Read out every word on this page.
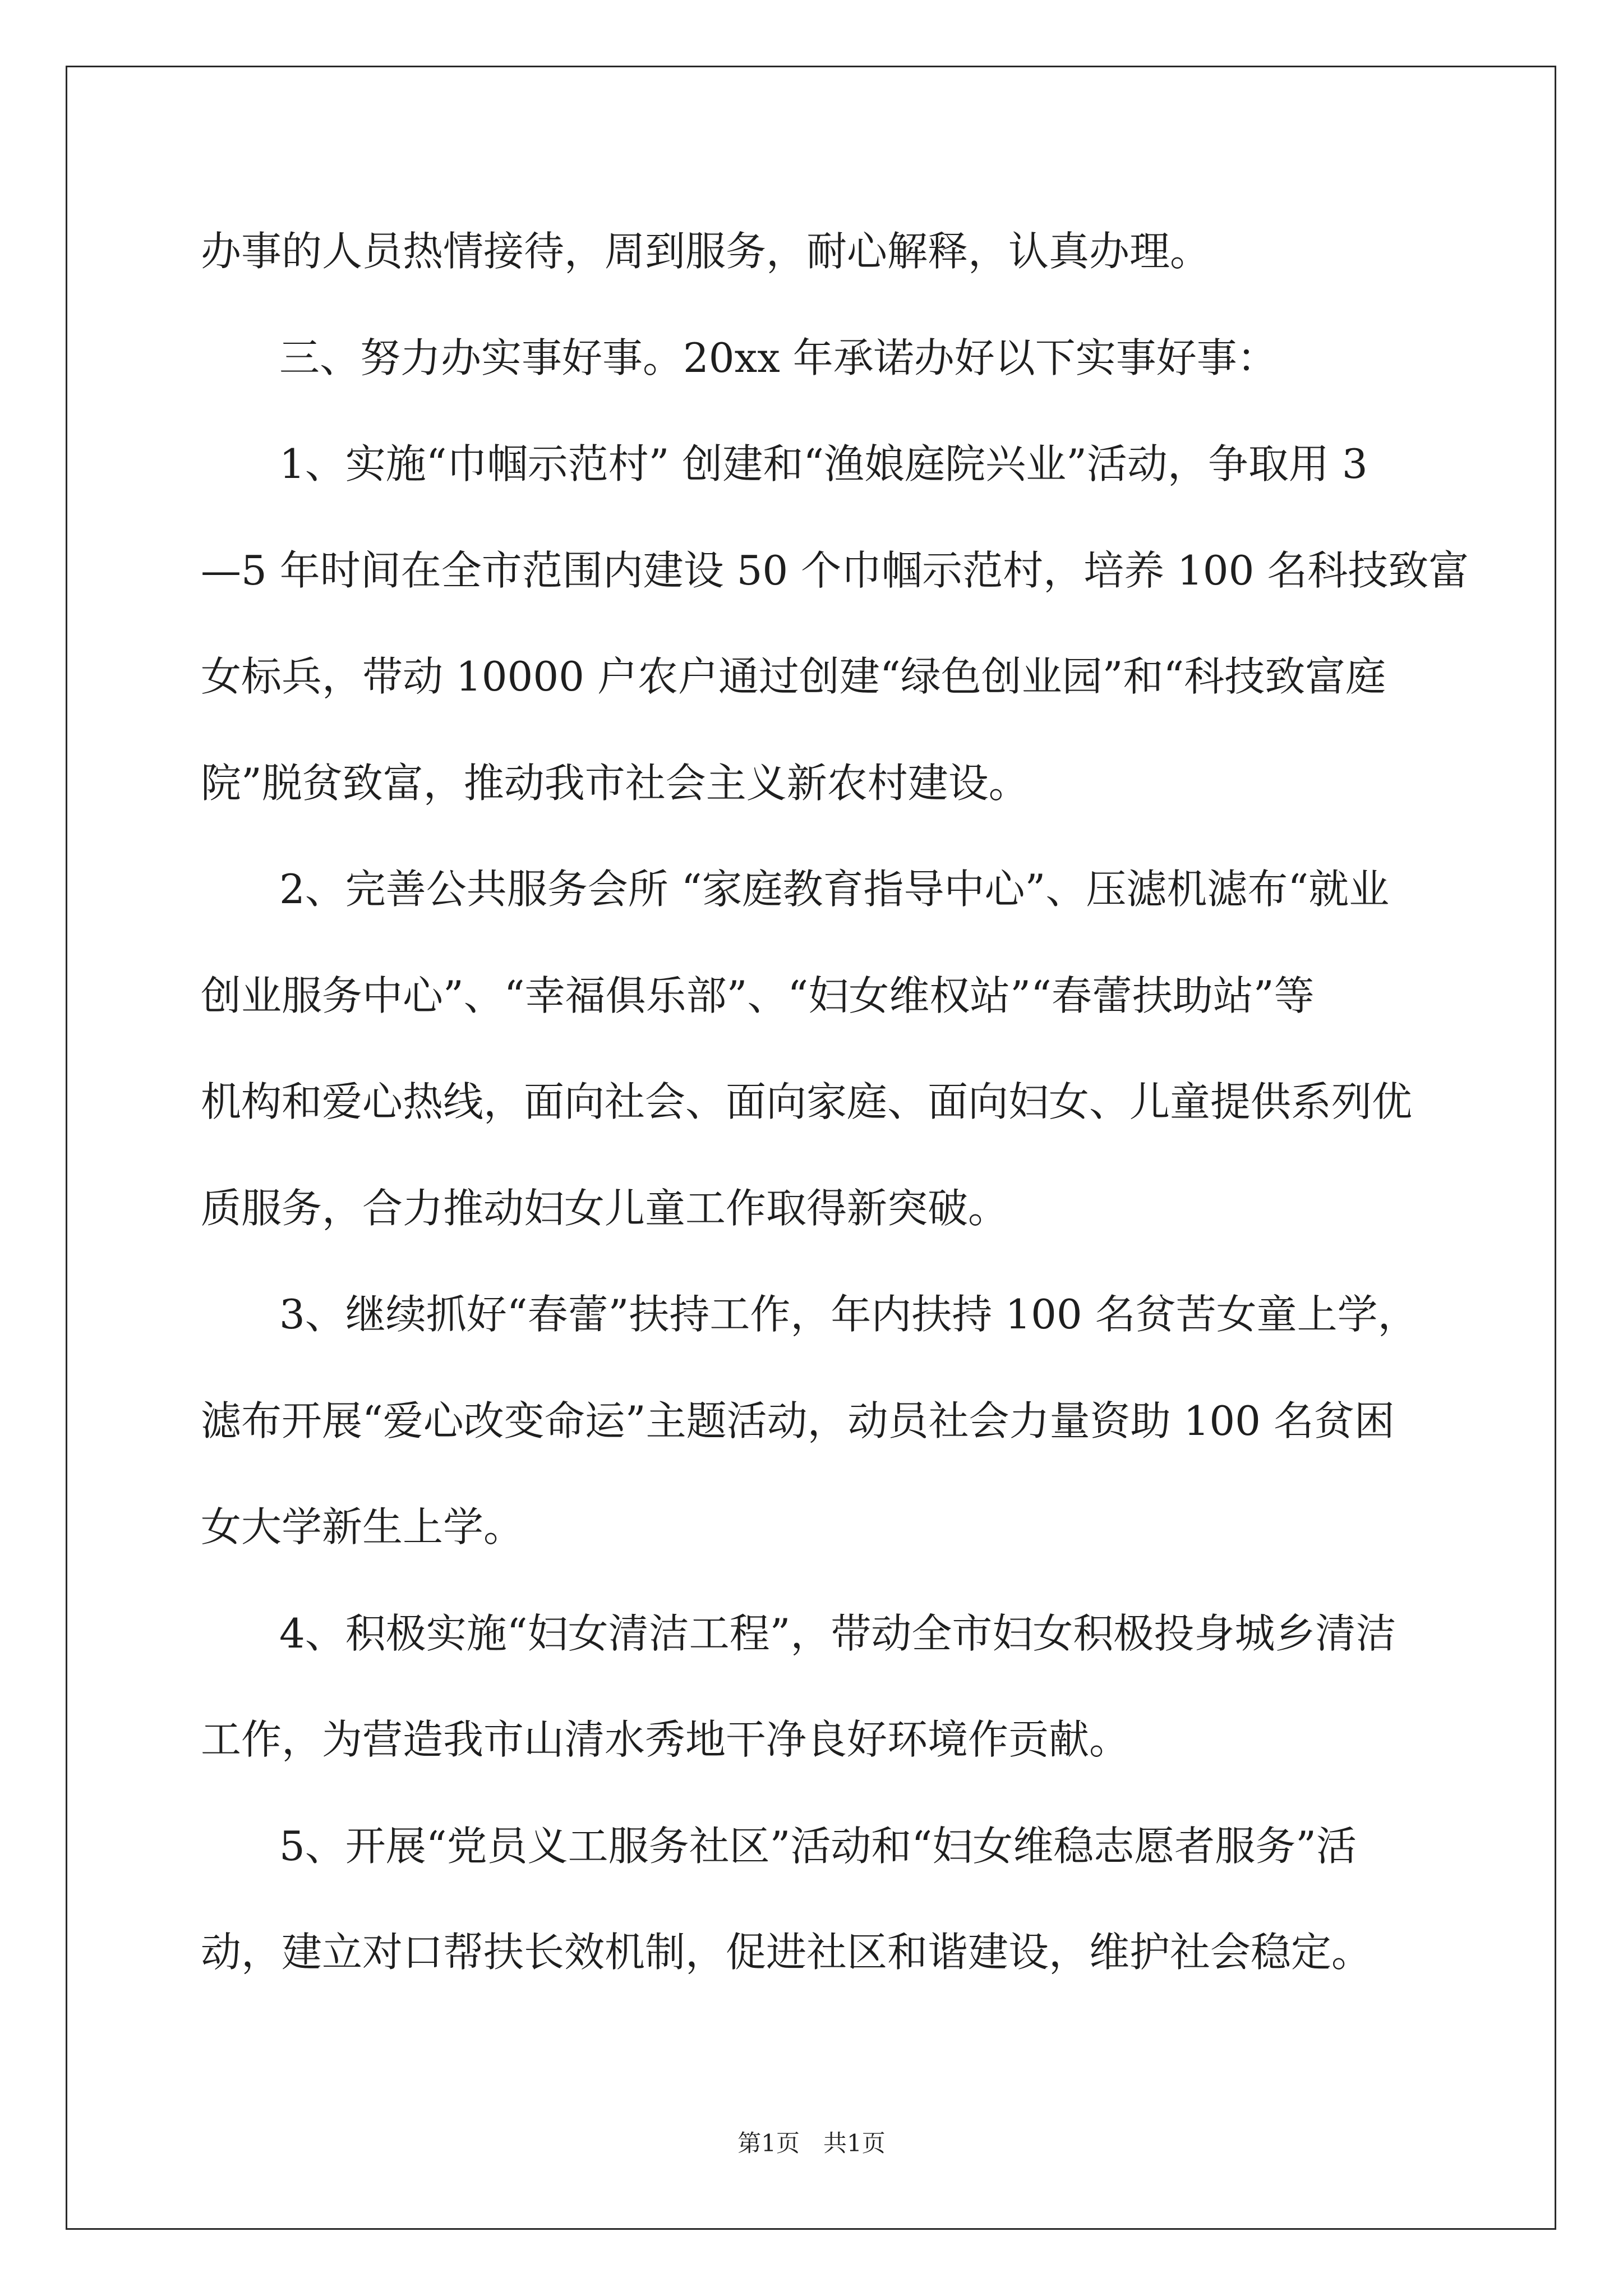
办事的人员热情接待，周到服务，耐心解释，认真办理。
三、努力办实事好事。20xx 年承诺办好以下实事好事：
1、实施“巾帼示范村” 创建和“渔娘庭院兴业”活动，争取用 3
—5 年时间在全市范围内建设 50 个巾帼示范村，培养 100 名科技致富
女标兵，带动 10000 户农户通过创建“绿色创业园”和“科技致富庭
院”脱贫致富，推动我市社会主义新农村建设。
2、完善公共服务会所 “家庭教育指导中心”、压滤机滤布“就业
创业服务中心”、“幸福俱乐部”、“妇女维权站”“春蕾扶助站”等
机构和爱心热线，面向社会、面向家庭、面向妇女、儿童提供系列优
质服务，合力推动妇女儿童工作取得新突破。
3、继续抓好“春蕾”扶持工作，年内扶持 100 名贫苦女童上学，
滤布开展“爱心改变命运”主题活动，动员社会力量资助 100 名贫困
女大学新生上学。
4、积极实施“妇女清洁工程”，带动全市妇女积极投身城乡清洁
工作，为营造我市山清水秀地干净良好环境作贡献。
5、开展“党员义工服务社区”活动和“妇女维稳志愿者服务”活
动，建立对口帮扶长效机制，促进社区和谐建设，维护社会稳定。
第1页　共1页
